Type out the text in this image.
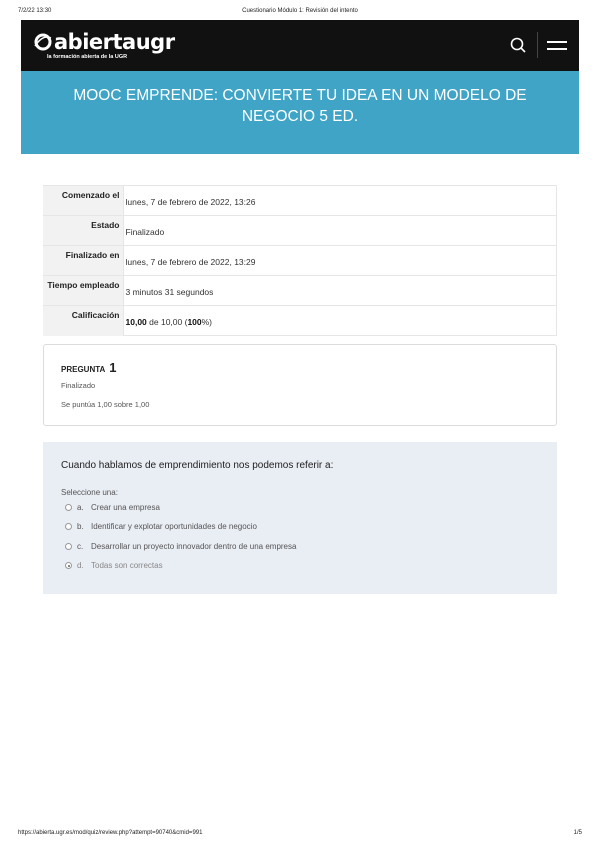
7/2/22 13:30	Cuestionario Módulo 1: Revisión del intento
abiertaugr
la formación abierta de la UGR
MOOC EMPRENDE: CONVIERTE TU IDEA EN UN MODELO DE NEGOCIO 5 ED.
Comenzado el	lunes, 7 de febrero de 2022, 13:26
Estado	Finalizado
Finalizado en	lunes, 7 de febrero de 2022, 13:29
Tiempo empleado	3 minutos 31 segundos
Calificación	10,00 de 10,00 (100%)
PREGUNTA 1
Finalizado
Se puntúa 1,00 sobre 1,00
Cuando hablamos de emprendimiento nos podemos referir a:
Seleccione una:
a. Crear una empresa
b. Identificar y explotar oportunidades de negocio
c. Desarrollar un proyecto innovador dentro de una empresa
d. Todas son correctas
https://abierta.ugr.es/mod/quiz/review.php?attempt=90740&cmid=991	1/5
